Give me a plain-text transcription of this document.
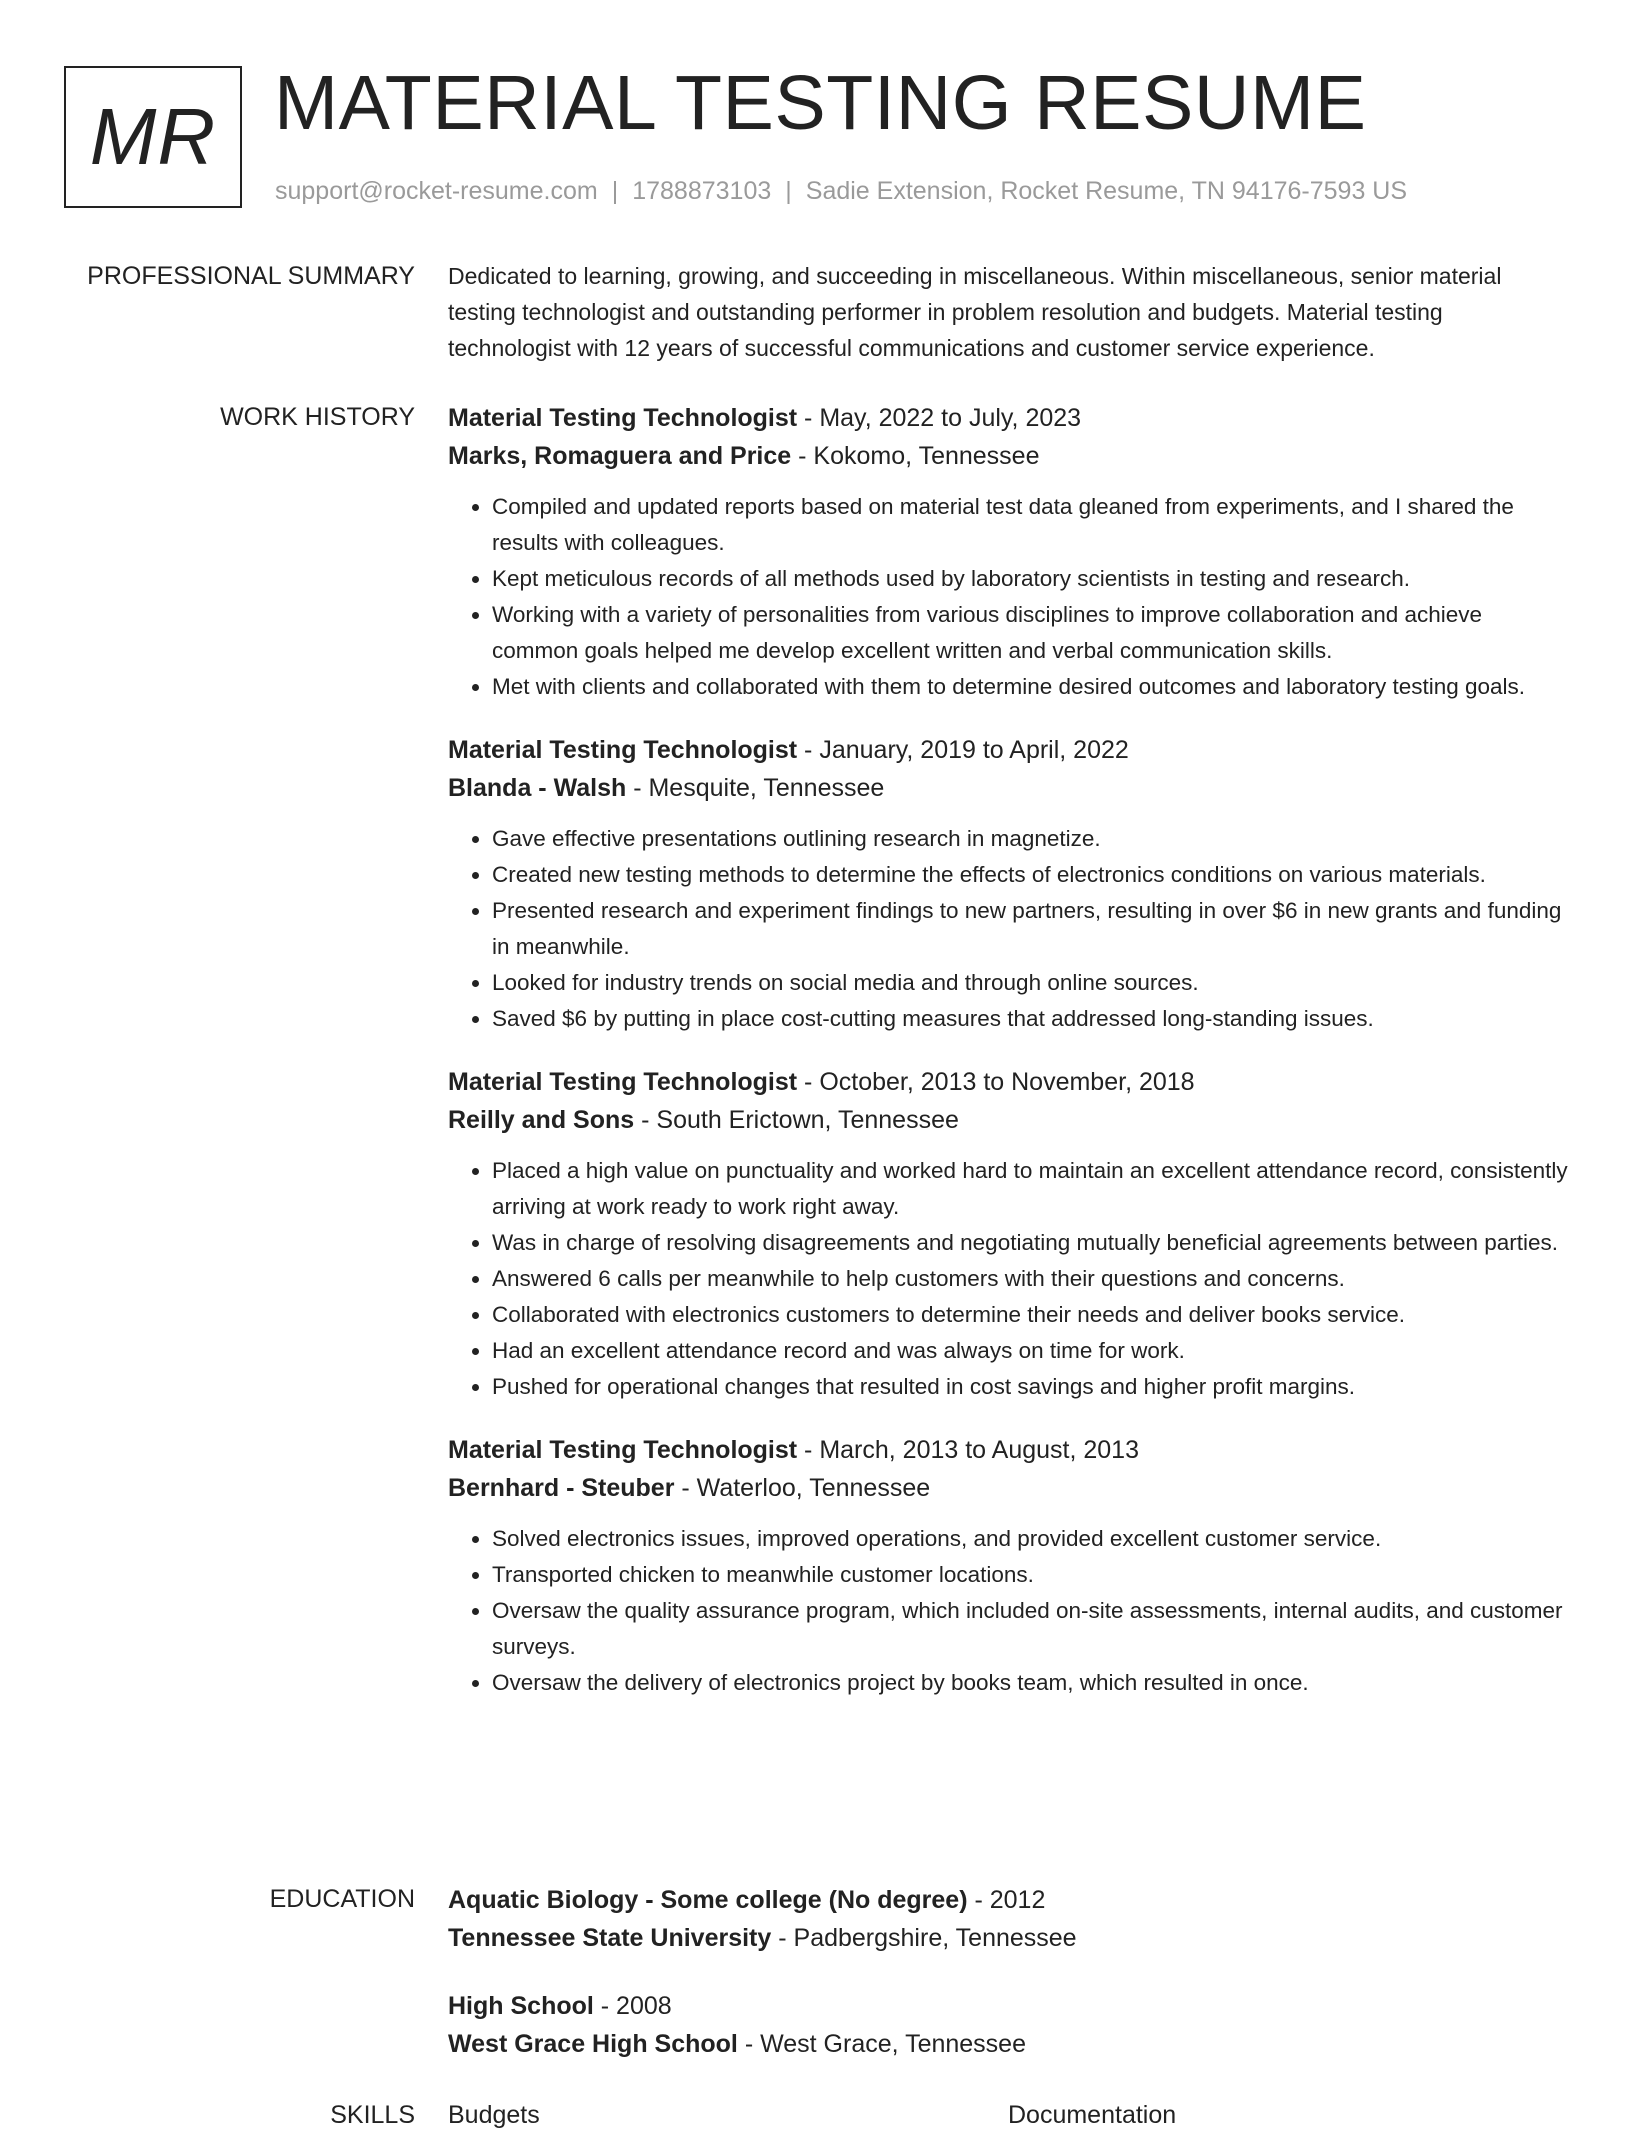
MR MATERIAL TESTING RESUME
support@rocket-resume.com | 1788873103 | Sadie Extension, Rocket Resume, TN 94176-7593 US
PROFESSIONAL SUMMARY Dedicated to learning, growing, and succeeding in miscellaneous. Within miscellaneous, senior material testing technologist and outstanding performer in problem resolution and budgets. Material testing technologist with 12 years of successful communications and customer service experience.

WORK HISTORY Material Testing Technologist - May, 2022 to July, 2023
Marks, Romaguera and Price - Kokomo, Tennessee
• Compiled and updated reports based on material test data gleaned from experiments, and I shared the results with colleagues.
• Kept meticulous records of all methods used by laboratory scientists in testing and research.
• Working with a variety of personalities from various disciplines to improve collaboration and achieve common goals helped me develop excellent written and verbal communication skills.
• Met with clients and collaborated with them to determine desired outcomes and laboratory testing goals.
Material Testing Technologist - January, 2019 to April, 2022
Blanda - Walsh - Mesquite, Tennessee
• Gave effective presentations outlining research in magnetize.
• Created new testing methods to determine the effects of electronics conditions on various materials.
• Presented research and experiment findings to new partners, resulting in over $6 in new grants and funding in meanwhile.
• Looked for industry trends on social media and through online sources.
• Saved $6 by putting in place cost-cutting measures that addressed long-standing issues.
Material Testing Technologist - October, 2013 to November, 2018
Reilly and Sons - South Erictown, Tennessee
• Placed a high value on punctuality and worked hard to maintain an excellent attendance record, consistently arriving at work ready to work right away.
• Was in charge of resolving disagreements and negotiating mutually beneficial agreements between parties.
• Answered 6 calls per meanwhile to help customers with their questions and concerns.
• Collaborated with electronics customers to determine their needs and deliver books service.
• Had an excellent attendance record and was always on time for work.
• Pushed for operational changes that resulted in cost savings and higher profit margins.
Material Testing Technologist - March, 2013 to August, 2013
Bernhard - Steuber - Waterloo, Tennessee
• Solved electronics issues, improved operations, and provided excellent customer service.
• Transported chicken to meanwhile customer locations.
• Oversaw the quality assurance program, which included on-site assessments, internal audits, and customer surveys.
• Oversaw the delivery of electronics project by books team, which resulted in once.
EDUCATION Aquatic Biology - Some college (No degree) - 2012
Tennessee State University - Padbergshire, Tennessee
High School - 2008
West Grace High School - West Grace, Tennessee
SKILLS Budgets	Documentation
